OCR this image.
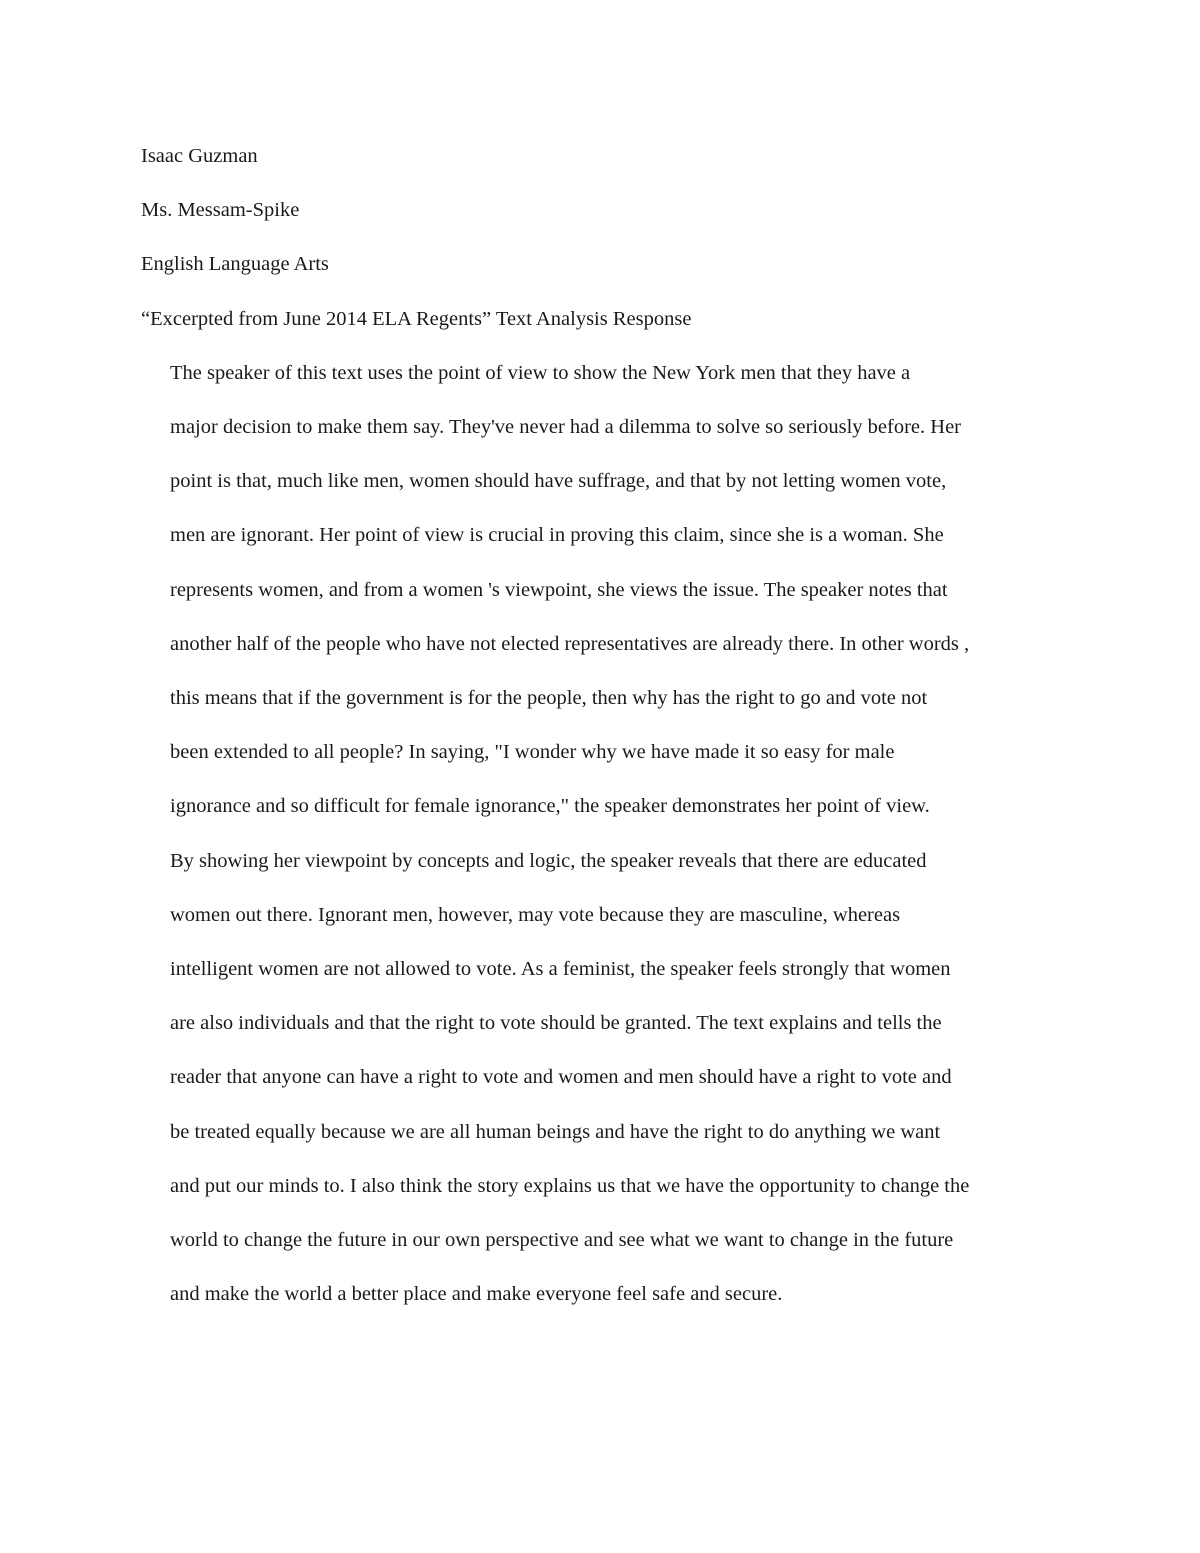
Isaac Guzman

Ms. Messam-Spike

English Language Arts

“Excerpted from June 2014 ELA Regents” Text Analysis Response

The speaker of this text uses the point of view to show the New York men that they have a
major decision to make them say. They've never had a dilemma to solve so seriously before. Her
point is that, much like men, women should have suffrage, and that by not letting women vote,
men are ignorant. Her point of view is crucial in proving this claim, since she is a woman. She
represents women, and from a women 's viewpoint, she views the issue. The speaker notes that
another half of the people who have not elected representatives are already there. In other words ,
this means that if the government is for the people, then why has the right to go and vote not
been extended to all people? In saying, "I wonder why we have made it so easy for male
ignorance and so difficult for female ignorance," the speaker demonstrates her point of view.

By showing her viewpoint by concepts and logic, the speaker reveals that there are educated
women out there. Ignorant men, however, may vote because they are masculine, whereas
intelligent women are not allowed to vote. As a feminist, the speaker feels strongly that women
are also individuals and that the right to vote should be granted. The text explains and tells the
reader that anyone can have a right to vote and women and men should have a right to vote and
be treated equally because we are all human beings and have the right to do anything we want
and put our minds to. I also think the story explains us that we have the opportunity to change the
world to change the future in our own perspective and see what we want to change in the future
and make the world a better place and make everyone feel safe and secure.
